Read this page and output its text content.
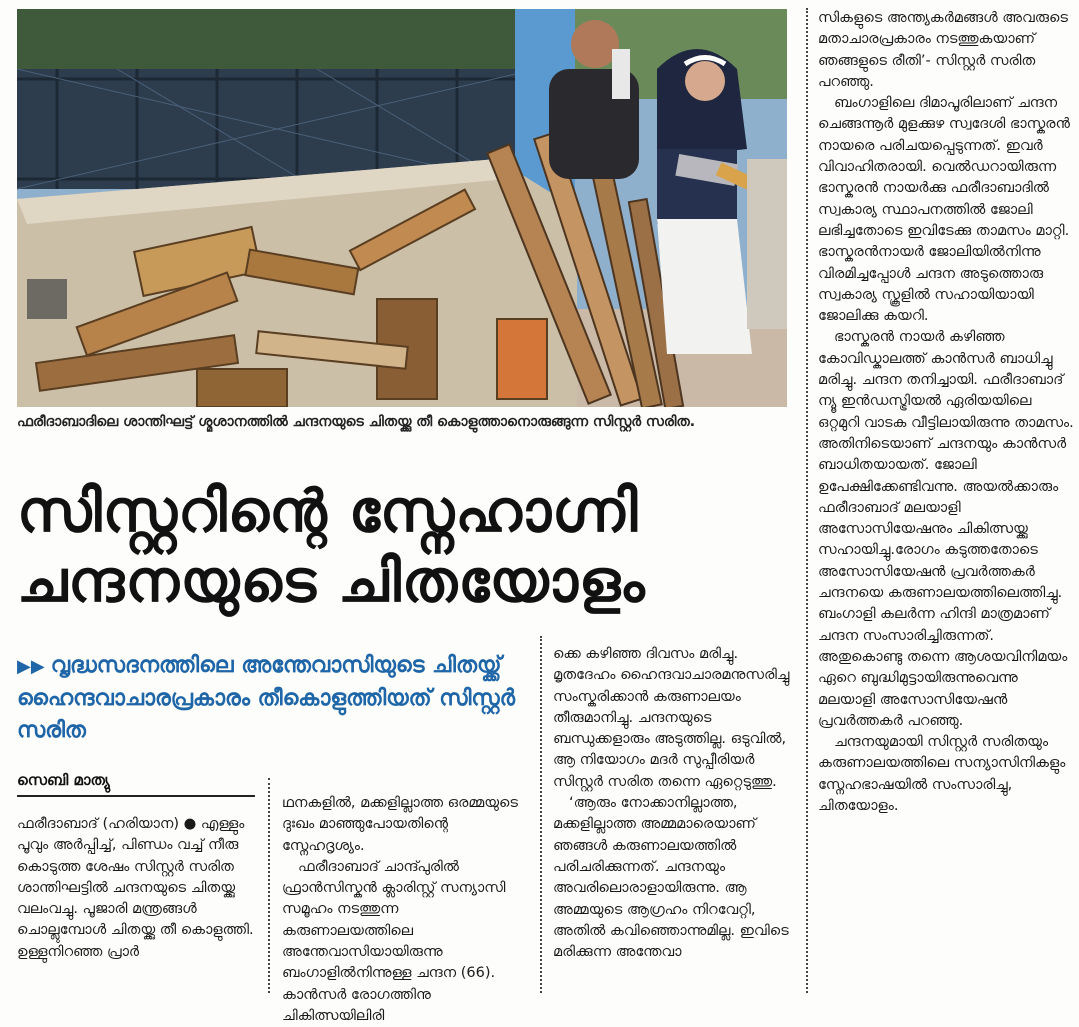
ഫരീദാബാദിലെ ശാന്തിഘട്ട് ശ്മശാനത്തിൽ ചന്ദനയുടെ ചിതയ്ക്കു തീ കൊളുത്താനൊരുങ്ങുന്ന സിസ്റ്റർ സരിത.
സിസ്റ്ററിന്റെ സ്നേഹാഗ്നി
ചന്ദനയുടെ ചിതയോളം
▶▶ വൃദ്ധസദനത്തിലെ അന്തേവാസിയുടെ ചിതയ്ക്ക് ഹൈന്ദവാചാരപ്രകാരം തീകൊളുത്തിയത് സിസ്റ്റർ സരിത
സെബി മാത്യു

ഫരീദാബാദ് (ഹരിയാന) ● എള്ളും പൂവും അർപ്പിച്ച്, പിണ്ഡം വച്ച് നീരു കൊടുത്ത ശേഷം സിസ്റ്റർ സരിത ശാന്തിഘട്ടിൽ ചന്ദനയുടെ ചിതയ്ക്കു വലംവച്ചു. പൂജാരി മന്ത്രങ്ങൾ ചൊല്ലുമ്പോൾ ചിതയ്ക്കു തീ കൊളുത്തി. ഉള്ളുനിറഞ്ഞ പ്രാർ

ഥനകളിൽ, മക്കളില്ലാത്ത ഒരമ്മയുടെ ദുഃഖം മാഞ്ഞുപോയതിന്റെ സ്നേഹദൃശ്യം.

ഫരീദാബാദ് ചാന്ദ്പുരിൽ ഫ്രാൻസിസ്കൻ ക്ലാരിസ്റ്റ് സന്യാസി സമൂഹം നടത്തുന്ന കരുണാലയത്തിലെ അന്തേവാസിയായിരുന്നു ബംഗാളിൽനിന്നുള്ള ചന്ദന (66). കാൻസർ രോഗത്തിനു ചികിത്സയിലിരി

ക്കെ കഴിഞ്ഞ ദിവസം മരിച്ചു. മൃതദേഹം ഹൈന്ദവാചാരമനുസരിച്ചു സംസ്കരിക്കാൻ കരുണാലയം തീരുമാനിച്ചു. ചന്ദനയുടെ ബന്ധുക്കളാരും അടുത്തില്ല. ഒടുവിൽ, ആ നിയോഗം മദർ സുപ്പീരിയർ സിസ്റ്റർ സരിത തന്നെ ഏറ്റെടുത്തു.

‘ആരും നോക്കാനില്ലാത്ത, മക്കളില്ലാത്ത അമ്മമാരെയാണ് ഞങ്ങൾ കരുണാലയത്തിൽ പരിചരിക്കുന്നത്. ചന്ദനയും അവരിലൊരാളായിരുന്നു. ആ അമ്മയുടെ ആഗ്രഹം നിറവേറ്റി, അതിൽ കവിഞ്ഞൊന്നുമില്ല. ഇവിടെ മരിക്കുന്ന അന്തേവാ

സികളുടെ അന്ത്യകർമങ്ങൾ അവരുടെ മതാചാരപ്രകാരം നടത്തുകയാണ് ഞങ്ങളുടെ രീതി’- സിസ്റ്റർ സരിത പറഞ്ഞു.

ബംഗാളിലെ ദിമാപൂരിലാണ് ചന്ദന ചെങ്ങന്നൂർ മുളക്കുഴ സ്വദേശി ഭാസ്കരൻ നായരെ പരിചയപ്പെടുന്നത്. ഇവർ വിവാഹിതരായി. വെൽഡറായിരുന്ന ഭാസ്കരൻ നായർക്കു ഫരീദാബാദിൽ സ്വകാര്യ സ്ഥാപനത്തിൽ ജോലി ലഭിച്ചതോടെ ഇവിടേക്കു താമസം മാറ്റി. ഭാസ്കരൻനായർ ജോലിയിൽനിന്നു വിരമിച്ചപ്പോൾ ചന്ദന അടുത്തൊരു സ്വകാര്യ സ്കൂളിൽ സഹായിയായി ജോലിക്കു കയറി.

ഭാസ്കരൻ നായർ കഴിഞ്ഞ കോവിഡ്കാലത്ത് കാൻസർ ബാധിച്ചു മരിച്ചു. ചന്ദന തനിച്ചായി. ഫരീദാബാദ് ന്യൂ ഇൻഡസ്ട്രിയൽ ഏരിയയിലെ ഒറ്റമുറി വാടക വീട്ടിലായിരുന്നു താമസം. അതിനിടെയാണ് ചന്ദനയും കാൻസർ ബാധിതയായത്. ജോലി ഉപേക്ഷിക്കേണ്ടിവന്നു. അയൽക്കാരും ഫരീദാബാദ് മലയാളി അസോസിയേഷനും ചികിത്സയ്ക്കു സഹായിച്ചു.രോഗം കടുത്തതോടെ അസോസിയേഷൻ പ്രവർത്തകർ ചന്ദനയെ കരുണാലയത്തിലെത്തിച്ചു. ബംഗാളി കലർന്ന ഹിന്ദി മാത്രമാണ് ചന്ദന സംസാരിച്ചിരുന്നത്. അതുകൊണ്ടു തന്നെ ആശയവിനിമയം ഏറെ ബുദ്ധിമുട്ടായിരുന്നുവെന്നു മലയാളി അസോസിയേഷൻ പ്രവർത്തകർ പറഞ്ഞു.

ചന്ദനയുമായി സിസ്റ്റർ സരിതയും കരുണാലയത്തിലെ സന്യാസിനികളും സ്നേഹഭാഷയിൽ സംസാരിച്ചു, ചിതയോളം.
